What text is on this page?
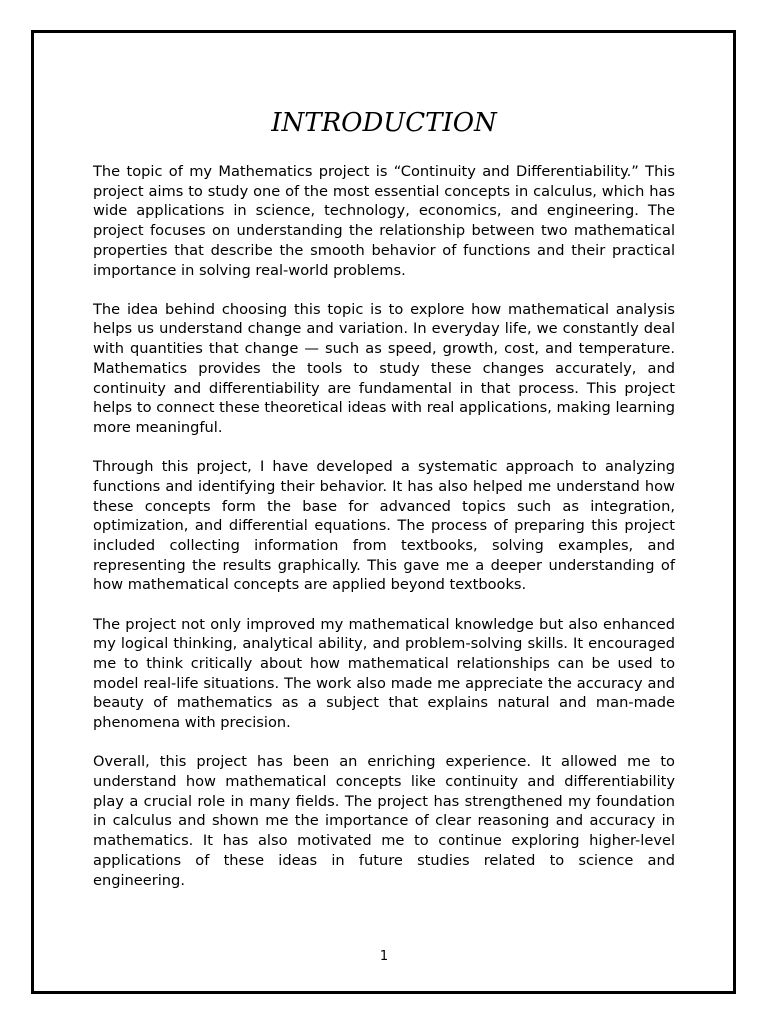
INTRODUCTION

The topic of my Mathematics project is “Continuity and Differentiability.” This project aims to study one of the most essential concepts in calculus, which has wide applications in science, technology, economics, and engineering. The project focuses on understanding the relationship between two mathematical properties that describe the smooth behavior of functions and their practical importance in solving real-world problems.

The idea behind choosing this topic is to explore how mathematical analysis helps us understand change and variation. In everyday life, we constantly deal with quantities that change — such as speed, growth, cost, and temperature. Mathematics provides the tools to study these changes accurately, and continuity and differentiability are fundamental in that process. This project helps to connect these theoretical ideas with real applications, making learning more meaningful.

Through this project, I have developed a systematic approach to analyzing functions and identifying their behavior. It has also helped me understand how these concepts form the base for advanced topics such as integration, optimization, and differential equations. The process of preparing this project included collecting information from textbooks, solving examples, and representing the results graphically. This gave me a deeper understanding of how mathematical concepts are applied beyond textbooks.

The project not only improved my mathematical knowledge but also enhanced my logical thinking, analytical ability, and problem-solving skills. It encouraged me to think critically about how mathematical relationships can be used to model real-life situations. The work also made me appreciate the accuracy and beauty of mathematics as a subject that explains natural and man-made phenomena with precision.

Overall, this project has been an enriching experience. It allowed me to understand how mathematical concepts like continuity and differentiability play a crucial role in many fields. The project has strengthened my foundation in calculus and shown me the importance of clear reasoning and accuracy in mathematics. It has also motivated me to continue exploring higher-level applications of these ideas in future studies related to science and engineering.

1
